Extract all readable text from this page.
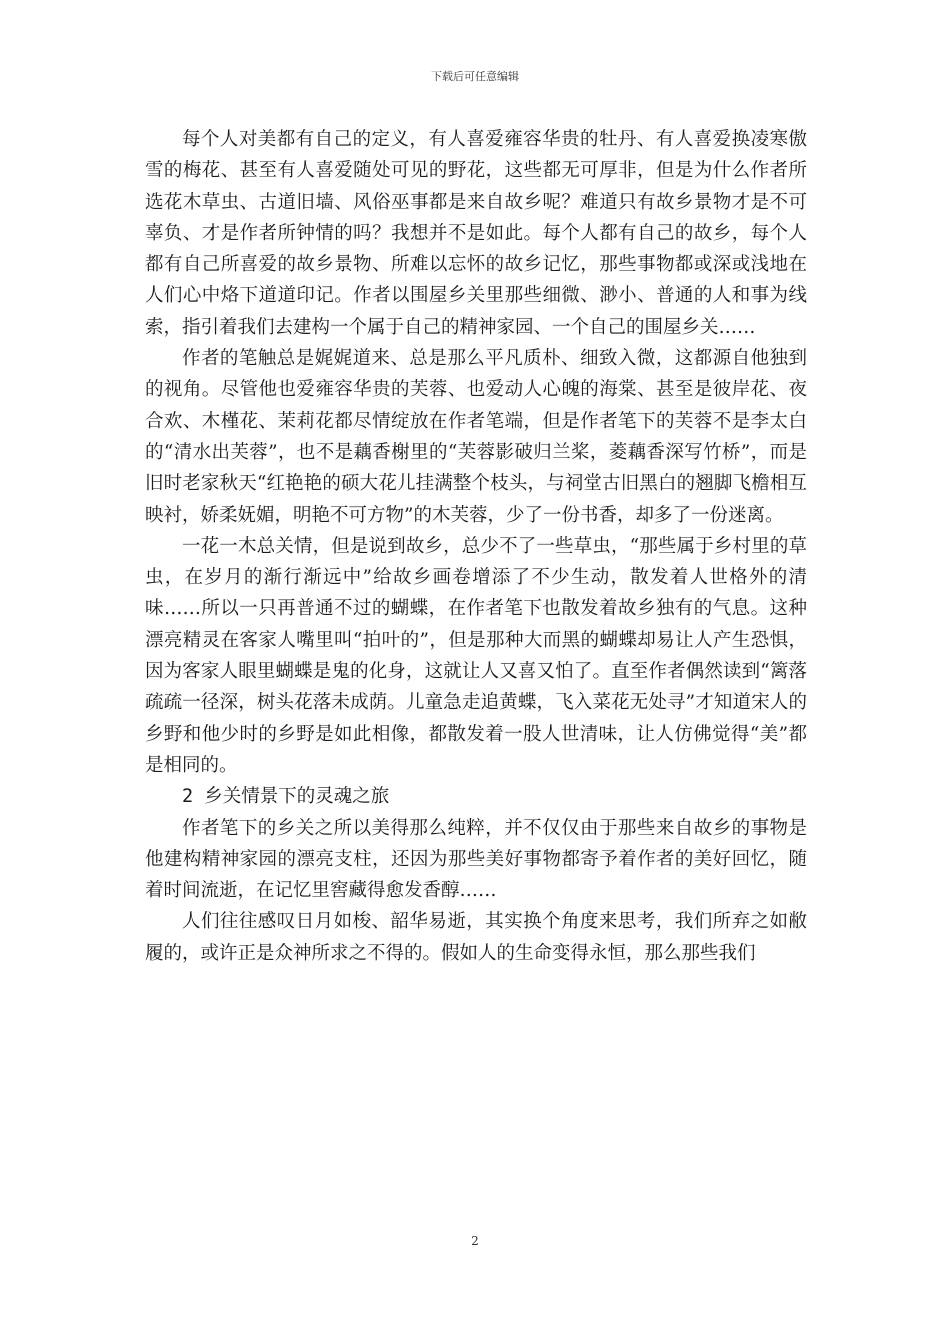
下载后可任意编辑

每个人对美都有自己的定义，有人喜爱雍容华贵的牡丹、有人喜爱换凌寒傲雪的梅花、甚至有人喜爱随处可见的野花，这些都无可厚非，但是为什么作者所选花木草虫、古道旧墙、风俗巫事都是来自故乡呢？难道只有故乡景物才是不可辜负、才是作者所钟情的吗？我想并不是如此。每个人都有自己的故乡，每个人都有自己所喜爱的故乡景物、所难以忘怀的故乡记忆，那些事物都或深或浅地在人们心中烙下道道印记。作者以围屋乡关里那些细微、渺小、普通的人和事为线索，指引着我们去建构一个属于自己的精神家园、一个自己的围屋乡关……

作者的笔触总是娓娓道来、总是那么平凡质朴、细致入微，这都源自他独到的视角。尽管他也爱雍容华贵的芙蓉、也爱动人心魄的海棠、甚至是彼岸花、夜合欢、木槿花、茉莉花都尽情绽放在作者笔端，但是作者笔下的芙蓉不是李太白的“清水出芙蓉”，也不是藕香榭里的“芙蓉影破归兰桨，菱藕香深写竹桥”，而是旧时老家秋天“红艳艳的硕大花儿挂满整个枝头，与祠堂古旧黑白的翘脚飞檐相互映衬，娇柔妩媚，明艳不可方物”的木芙蓉，少了一份书香，却多了一份迷离。

一花一木总关情，但是说到故乡，总少不了一些草虫，“那些属于乡村里的草虫，在岁月的渐行渐远中”给故乡画卷增添了不少生动，散发着人世格外的清味……所以一只再普通不过的蝴蝶，在作者笔下也散发着故乡独有的气息。这种漂亮精灵在客家人嘴里叫“拍叶的”，但是那种大而黑的蝴蝶却易让人产生恐惧，因为客家人眼里蝴蝶是鬼的化身，这就让人又喜又怕了。直至作者偶然读到“篱落疏疏一径深，树头花落未成荫。儿童急走追黄蝶，飞入菜花无处寻”才知道宋人的乡野和他少时的乡野是如此相像，都散发着一股人世清味，让人仿佛觉得“美”都是相同的。

2 乡关情景下的灵魂之旅

作者笔下的乡关之所以美得那么纯粹，并不仅仅由于那些来自故乡的事物是他建构精神家园的漂亮支柱，还因为那些美好事物都寄予着作者的美好回忆，随着时间流逝，在记忆里窖藏得愈发香醇……

人们往往感叹日月如梭、韶华易逝，其实换个角度来思考，我们所弃之如敝履的，或许正是众神所求之不得的。假如人的生命变得永恒，那么那些我们

2
